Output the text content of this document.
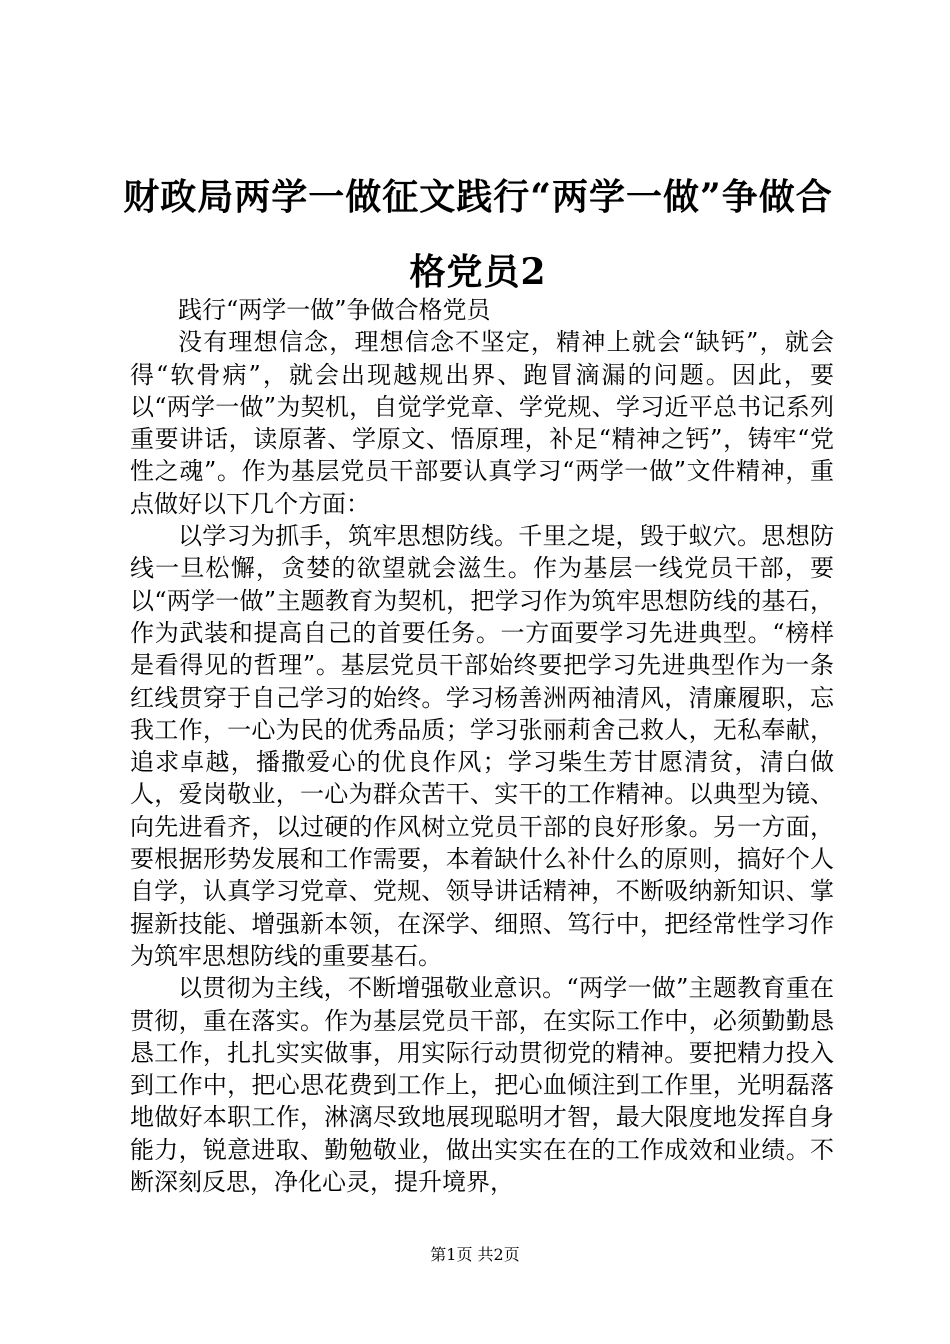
财政局两学一做征文践行“两学一做”争做合格党员2

践行“两学一做”争做合格党员

没有理想信念，理想信念不坚定，精神上就会“缺钙”，就会得“软骨病”，就会出现越规出界、跑冒滴漏的问题。因此，要以“两学一做”为契机，自觉学党章、学党规、学习近平总书记系列重要讲话，读原著、学原文、悟原理，补足“精神之钙”，铸牢“党性之魂”。作为基层党员干部要认真学习“两学一做”文件精神，重点做好以下几个方面：

以学习为抓手，筑牢思想防线。千里之堤，毁于蚁穴。思想防线一旦松懈，贪婪的欲望就会滋生。作为基层一线党员干部，要以“两学一做”主题教育为契机，把学习作为筑牢思想防线的基石，作为武装和提高自己的首要任务。一方面要学习先进典型。“榜样是看得见的哲理”。基层党员干部始终要把学习先进典型作为一条红线贯穿于自己学习的始终。学习杨善洲两袖清风，清廉履职，忘我工作，一心为民的优秀品质；学习张丽莉舍己救人，无私奉献，追求卓越，播撒爱心的优良作风；学习柴生芳甘愿清贫，清白做人，爱岗敬业，一心为群众苦干、实干的工作精神。以典型为镜、向先进看齐，以过硬的作风树立党员干部的良好形象。另一方面，要根据形势发展和工作需要，本着缺什么补什么的原则，搞好个人自学，认真学习党章、党规、领导讲话精神，不断吸纳新知识、掌握新技能、增强新本领，在深学、细照、笃行中，把经常性学习作为筑牢思想防线的重要基石。

以贯彻为主线，不断增强敬业意识。“两学一做”主题教育重在贯彻，重在落实。作为基层党员干部，在实际工作中，必须勤勤恳恳工作，扎扎实实做事，用实际行动贯彻党的精神。要把精力投入到工作中，把心思花费到工作上，把心血倾注到工作里，光明磊落地做好本职工作，淋漓尽致地展现聪明才智，最大限度地发挥自身能力，锐意进取、勤勉敬业，做出实实在在的工作成效和业绩。不断深刻反思，净化心灵，提升境界，

第1页 共2页
